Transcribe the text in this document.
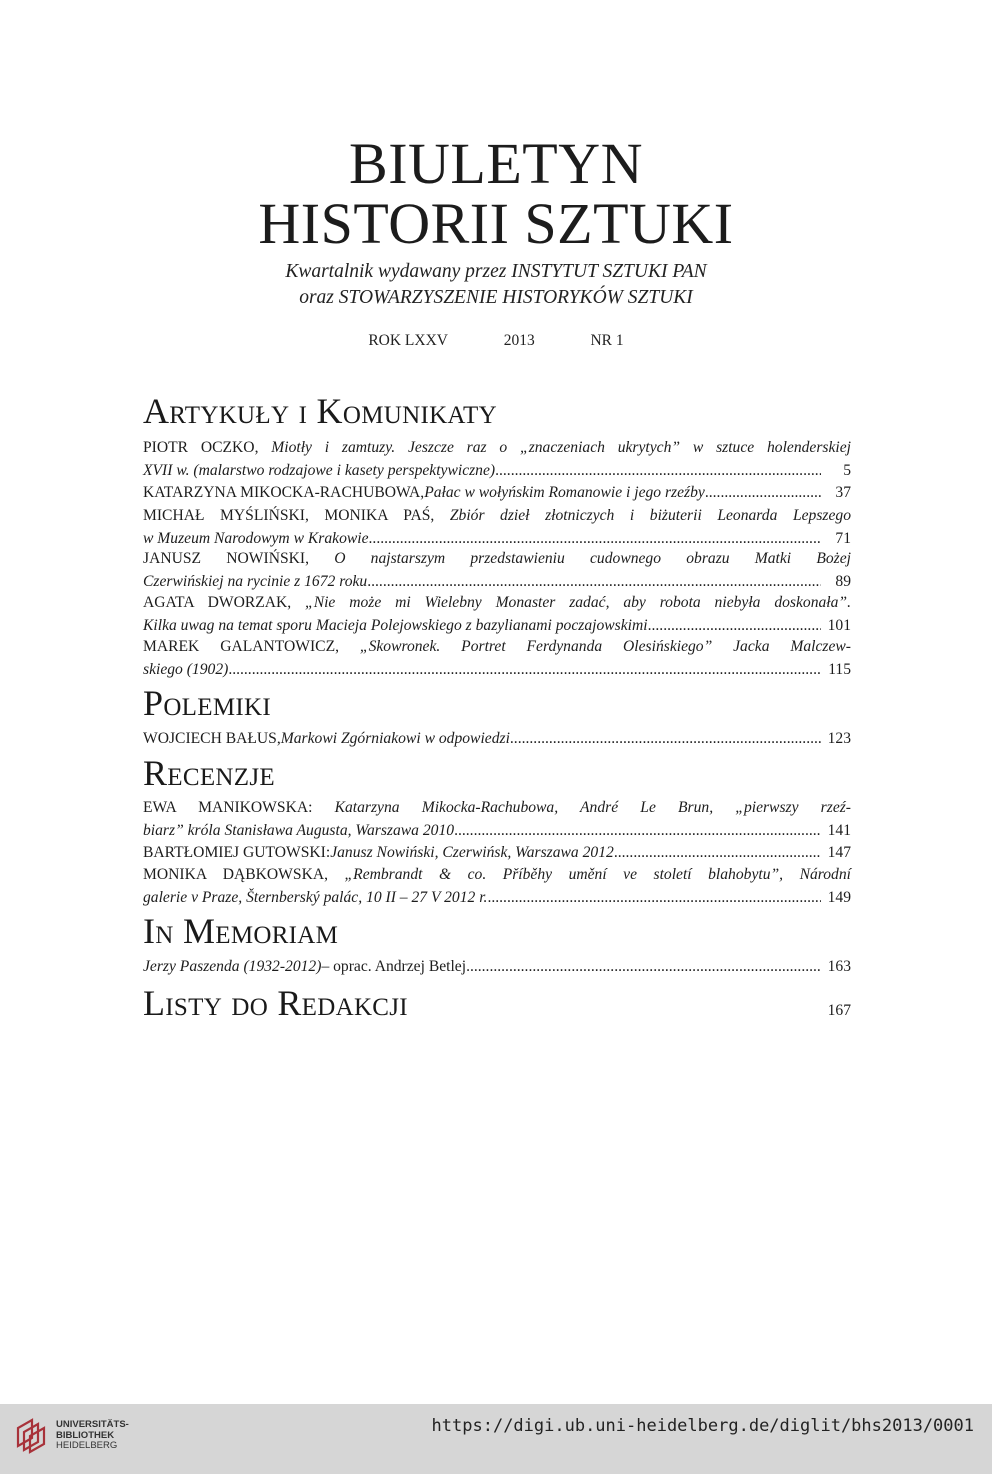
BIULETYN
HISTORII SZTUKI
Kwartalnik wydawany przez INSTYTUT SZTUKI PAN
oraz STOWARZYSZENIE HISTORYKÓW SZTUKI
ROK LXXV	2013	NR 1
Artykuły i Komunikaty
PIOTR OCZKO, Miotły i zamtuzy. Jeszcze raz o „znaczeniach ukrytych” w sztuce holenderskiej
XVII w. (malarstwo rodzajowe i kasety perspektywiczne) .....	5
KATARZYNA MIKOCKA-RACHUBOWA, Pałac w wołyńskim Romanowie i jego rzeźby .....	37
MICHAŁ MYŚLIŃSKI, MONIKA PAŚ, Zbiór dzieł złotniczych i biżuterii Leonarda Lepszego
w Muzeum Narodowym w Krakowie .....	71
JANUSZ NOWIŃSKI, O najstarszym przedstawieniu cudownego obrazu Matki Bożej
Czerwińskiej na rycinie z 1672 roku .....	89
AGATA DWORZAK, „Nie może mi Wielebny Monaster zadać, aby robota niebyła doskonała”.
Kilka uwag na temat sporu Macieja Polejowskiego z bazylianami poczajowskimi .....	101
MAREK GALANTOWICZ, „Skowronek. Portret Ferdynanda Olesińskiego” Jacka Malczew-
skiego (1902) .....	115
Polemiki
WOJCIECH BAŁUS, Markowi Zgórniakowi w odpowiedzi .....	123
Recenzje
EWA MANIKOWSKA: Katarzyna Mikocka-Rachubowa, André Le Brun, „pierwszy rzeź-
biarz” króla Stanisława Augusta, Warszawa 2010 .....	141
BARTŁOMIEJ GUTOWSKI: Janusz Nowiński, Czerwińsk, Warszawa 2012 .....	147
MONIKA DĄBKOWSKA, „Rembrandt & co. Příběhy umění ve století blahobytu”, Národní
galerie v Praze, Šternberský palác, 10 II – 27 V 2012 r. .....	149
In Memoriam
Jerzy Paszenda (1932-2012) – oprac. Andrzej Betlej .....	163
Listy do Redakcji	167
UNIVERSITÄTS-
BIBLIOTHEK
HEIDELBERG
https://digi.ub.uni-heidelberg.de/diglit/bhs2013/0001
